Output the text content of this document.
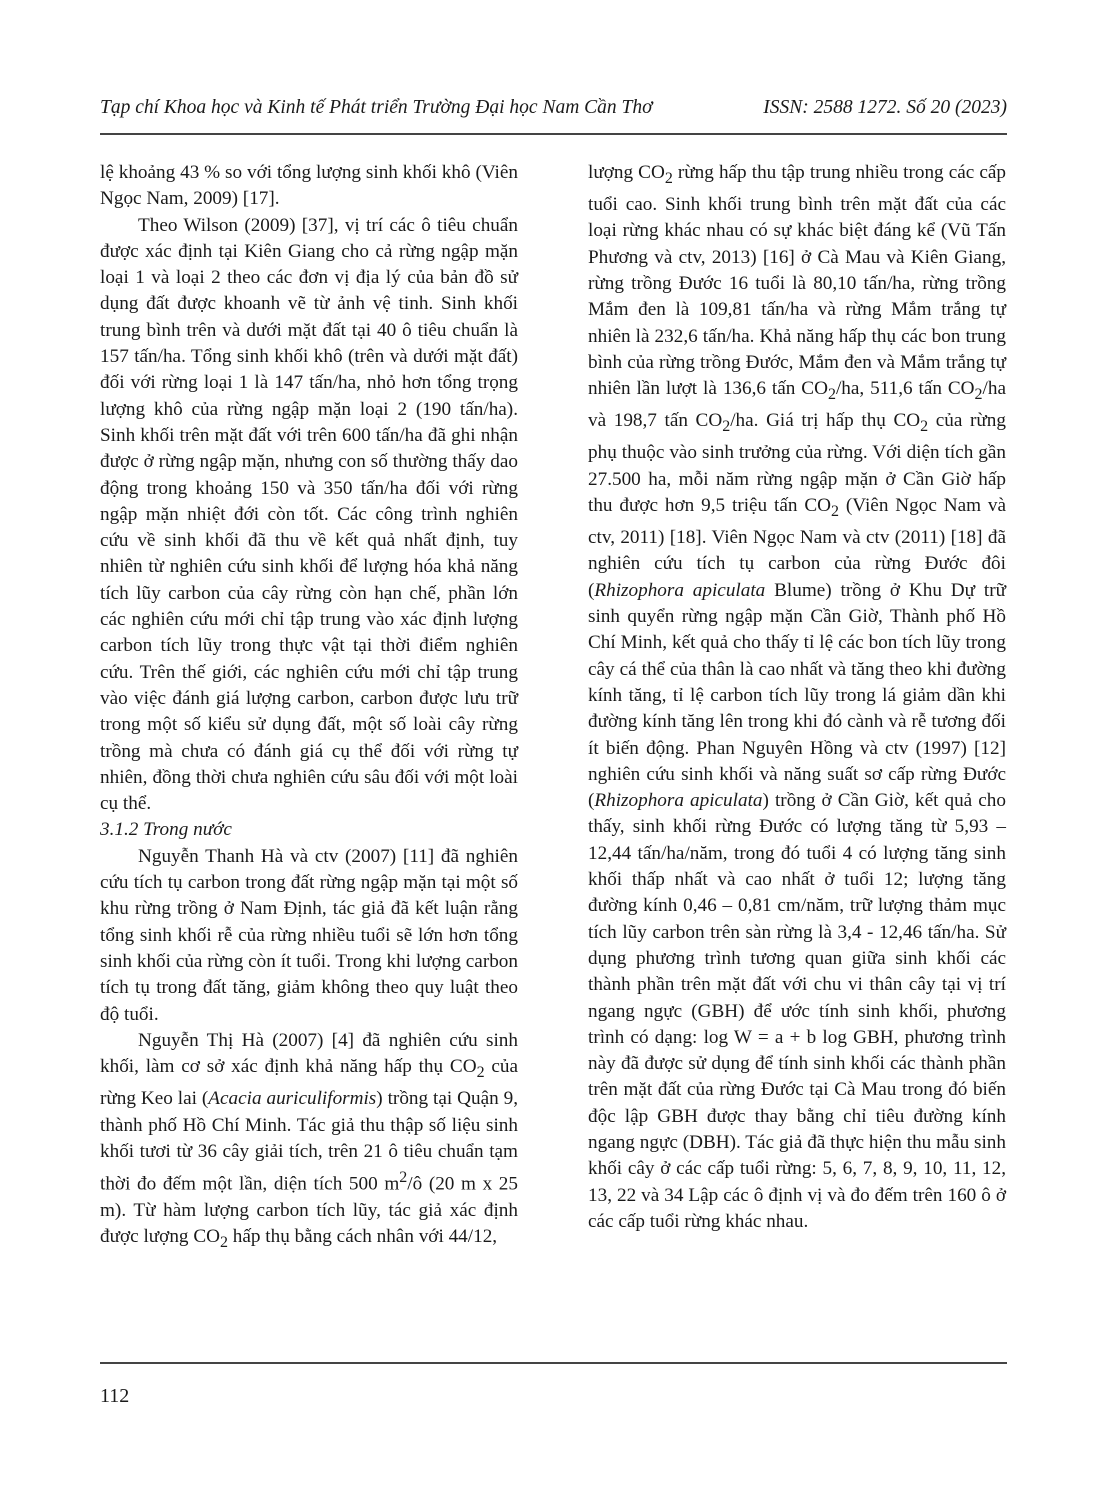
Tạp chí Khoa học và Kinh tế Phát triển Trường Đại học Nam Cần Thơ	ISSN: 2588 1272. Số 20 (2023)

lệ khoảng 43 % so với tổng lượng sinh khối khô (Viên Ngọc Nam, 2009) [17].

Theo Wilson (2009) [37], vị trí các ô tiêu chuẩn được xác định tại Kiên Giang cho cả rừng ngập mặn loại 1 và loại 2 theo các đơn vị địa lý của bản đồ sử dụng đất được khoanh vẽ từ ảnh vệ tinh. Sinh khối trung bình trên và dưới mặt đất tại 40 ô tiêu chuẩn là 157 tấn/ha. Tổng sinh khối khô (trên và dưới mặt đất) đối với rừng loại 1 là 147 tấn/ha, nhỏ hơn tổng trọng lượng khô của rừng ngập mặn loại 2 (190 tấn/ha). Sinh khối trên mặt đất với trên 600 tấn/ha đã ghi nhận được ở rừng ngập mặn, nhưng con số thường thấy dao động trong khoảng 150 và 350 tấn/ha đối với rừng ngập mặn nhiệt đới còn tốt. Các công trình nghiên cứu về sinh khối đã thu về kết quả nhất định, tuy nhiên từ nghiên cứu sinh khối để lượng hóa khả năng tích lũy carbon của cây rừng còn hạn chế, phần lớn các nghiên cứu mới chỉ tập trung vào xác định lượng carbon tích lũy trong thực vật tại thời điểm nghiên cứu. Trên thế giới, các nghiên cứu mới chỉ tập trung vào việc đánh giá lượng carbon, carbon được lưu trữ trong một số kiểu sử dụng đất, một số loài cây rừng trồng mà chưa có đánh giá cụ thể đối với rừng tự nhiên, đồng thời chưa nghiên cứu sâu đối với một loài cụ thể.

3.1.2 Trong nước

Nguyễn Thanh Hà và ctv (2007) [11] đã nghiên cứu tích tụ carbon trong đất rừng ngập mặn tại một số khu rừng trồng ở Nam Định, tác giả đã kết luận rằng tổng sinh khối rễ của rừng nhiều tuổi sẽ lớn hơn tổng sinh khối của rừng còn ít tuổi. Trong khi lượng carbon tích tụ trong đất tăng, giảm không theo quy luật theo độ tuổi.

Nguyễn Thị Hà (2007) [4] đã nghiên cứu sinh khối, làm cơ sở xác định khả năng hấp thụ $CO_2$ của rừng Keo lai (Acacia auriculiformis) trồng tại Quận 9, thành phố Hồ Chí Minh. Tác giả thu thập số liệu sinh khối tươi từ 36 cây giải tích, trên 21 ô tiêu chuẩn tạm thời đo đếm một lần, diện tích 500 $m^2/ô$ (20 m x 25 m). Từ hàm lượng carbon tích lũy, tác giả xác định được lượng $CO_2$ hấp thụ bằng cách nhân với 44/12,

lượng $CO_2$ rừng hấp thu tập trung nhiều trong các cấp tuổi cao. Sinh khối trung bình trên mặt đất của các loại rừng khác nhau có sự khác biệt đáng kể (Vũ Tấn Phương và ctv, 2013) [16] ở Cà Mau và Kiên Giang, rừng trồng Đước 16 tuổi là 80,10 tấn/ha, rừng trồng Mắm đen là 109,81 tấn/ha và rừng Mắm trắng tự nhiên là 232,6 tấn/ha. Khả năng hấp thụ các bon trung bình của rừng trồng Đước, Mắm đen và Mắm trắng tự nhiên lần lượt là 136,6 tấn $CO_2/ha$, 511,6 tấn $CO_2/ha$ và 198,7 tấn $CO_2/ha$. Giá trị hấp thụ $CO_2$ của rừng phụ thuộc vào sinh trưởng của rừng. Với diện tích gần 27.500 ha, mỗi năm rừng ngập mặn ở Cần Giờ hấp thu được hơn 9,5 triệu tấn $CO_2$ (Viên Ngọc Nam và ctv, 2011) [18]. Viên Ngọc Nam và ctv (2011) [18] đã nghiên cứu tích tụ carbon của rừng Đước đôi (Rhizophora apiculata Blume) trồng ở Khu Dự trữ sinh quyển rừng ngập mặn Cần Giờ, Thành phố Hồ Chí Minh, kết quả cho thấy tỉ lệ các bon tích lũy trong cây cá thể của thân là cao nhất và tăng theo khi đường kính tăng, tỉ lệ carbon tích lũy trong lá giảm dần khi đường kính tăng lên trong khi đó cành và rễ tương đối ít biến động. Phan Nguyên Hồng và ctv (1997) [12] nghiên cứu sinh khối và năng suất sơ cấp rừng Đước (Rhizophora apiculata) trồng ở Cần Giờ, kết quả cho thấy, sinh khối rừng Đước có lượng tăng từ 5,93 – 12,44 tấn/ha/năm, trong đó tuổi 4 có lượng tăng sinh khối thấp nhất và cao nhất ở tuổi 12; lượng tăng đường kính 0,46 – 0,81 cm/năm, trữ lượng thảm mục tích lũy carbon trên sàn rừng là 3,4 - 12,46 tấn/ha. Sử dụng phương trình tương quan giữa sinh khối các thành phần trên mặt đất với chu vi thân cây tại vị trí ngang ngực (GBH) để ước tính sinh khối, phương trình có dạng: log W = a + b log GBH, phương trình này đã được sử dụng để tính sinh khối các thành phần trên mặt đất của rừng Đước tại Cà Mau trong đó biến độc lập GBH được thay bằng chỉ tiêu đường kính ngang ngực (DBH). Tác giả đã thực hiện thu mẫu sinh khối cây ở các cấp tuổi rừng: 5, 6, 7, 8, 9, 10, 11, 12, 13, 22 và 34 Lập các ô định vị và đo đếm trên 160 ô ở các cấp tuổi rừng khác nhau.

112
